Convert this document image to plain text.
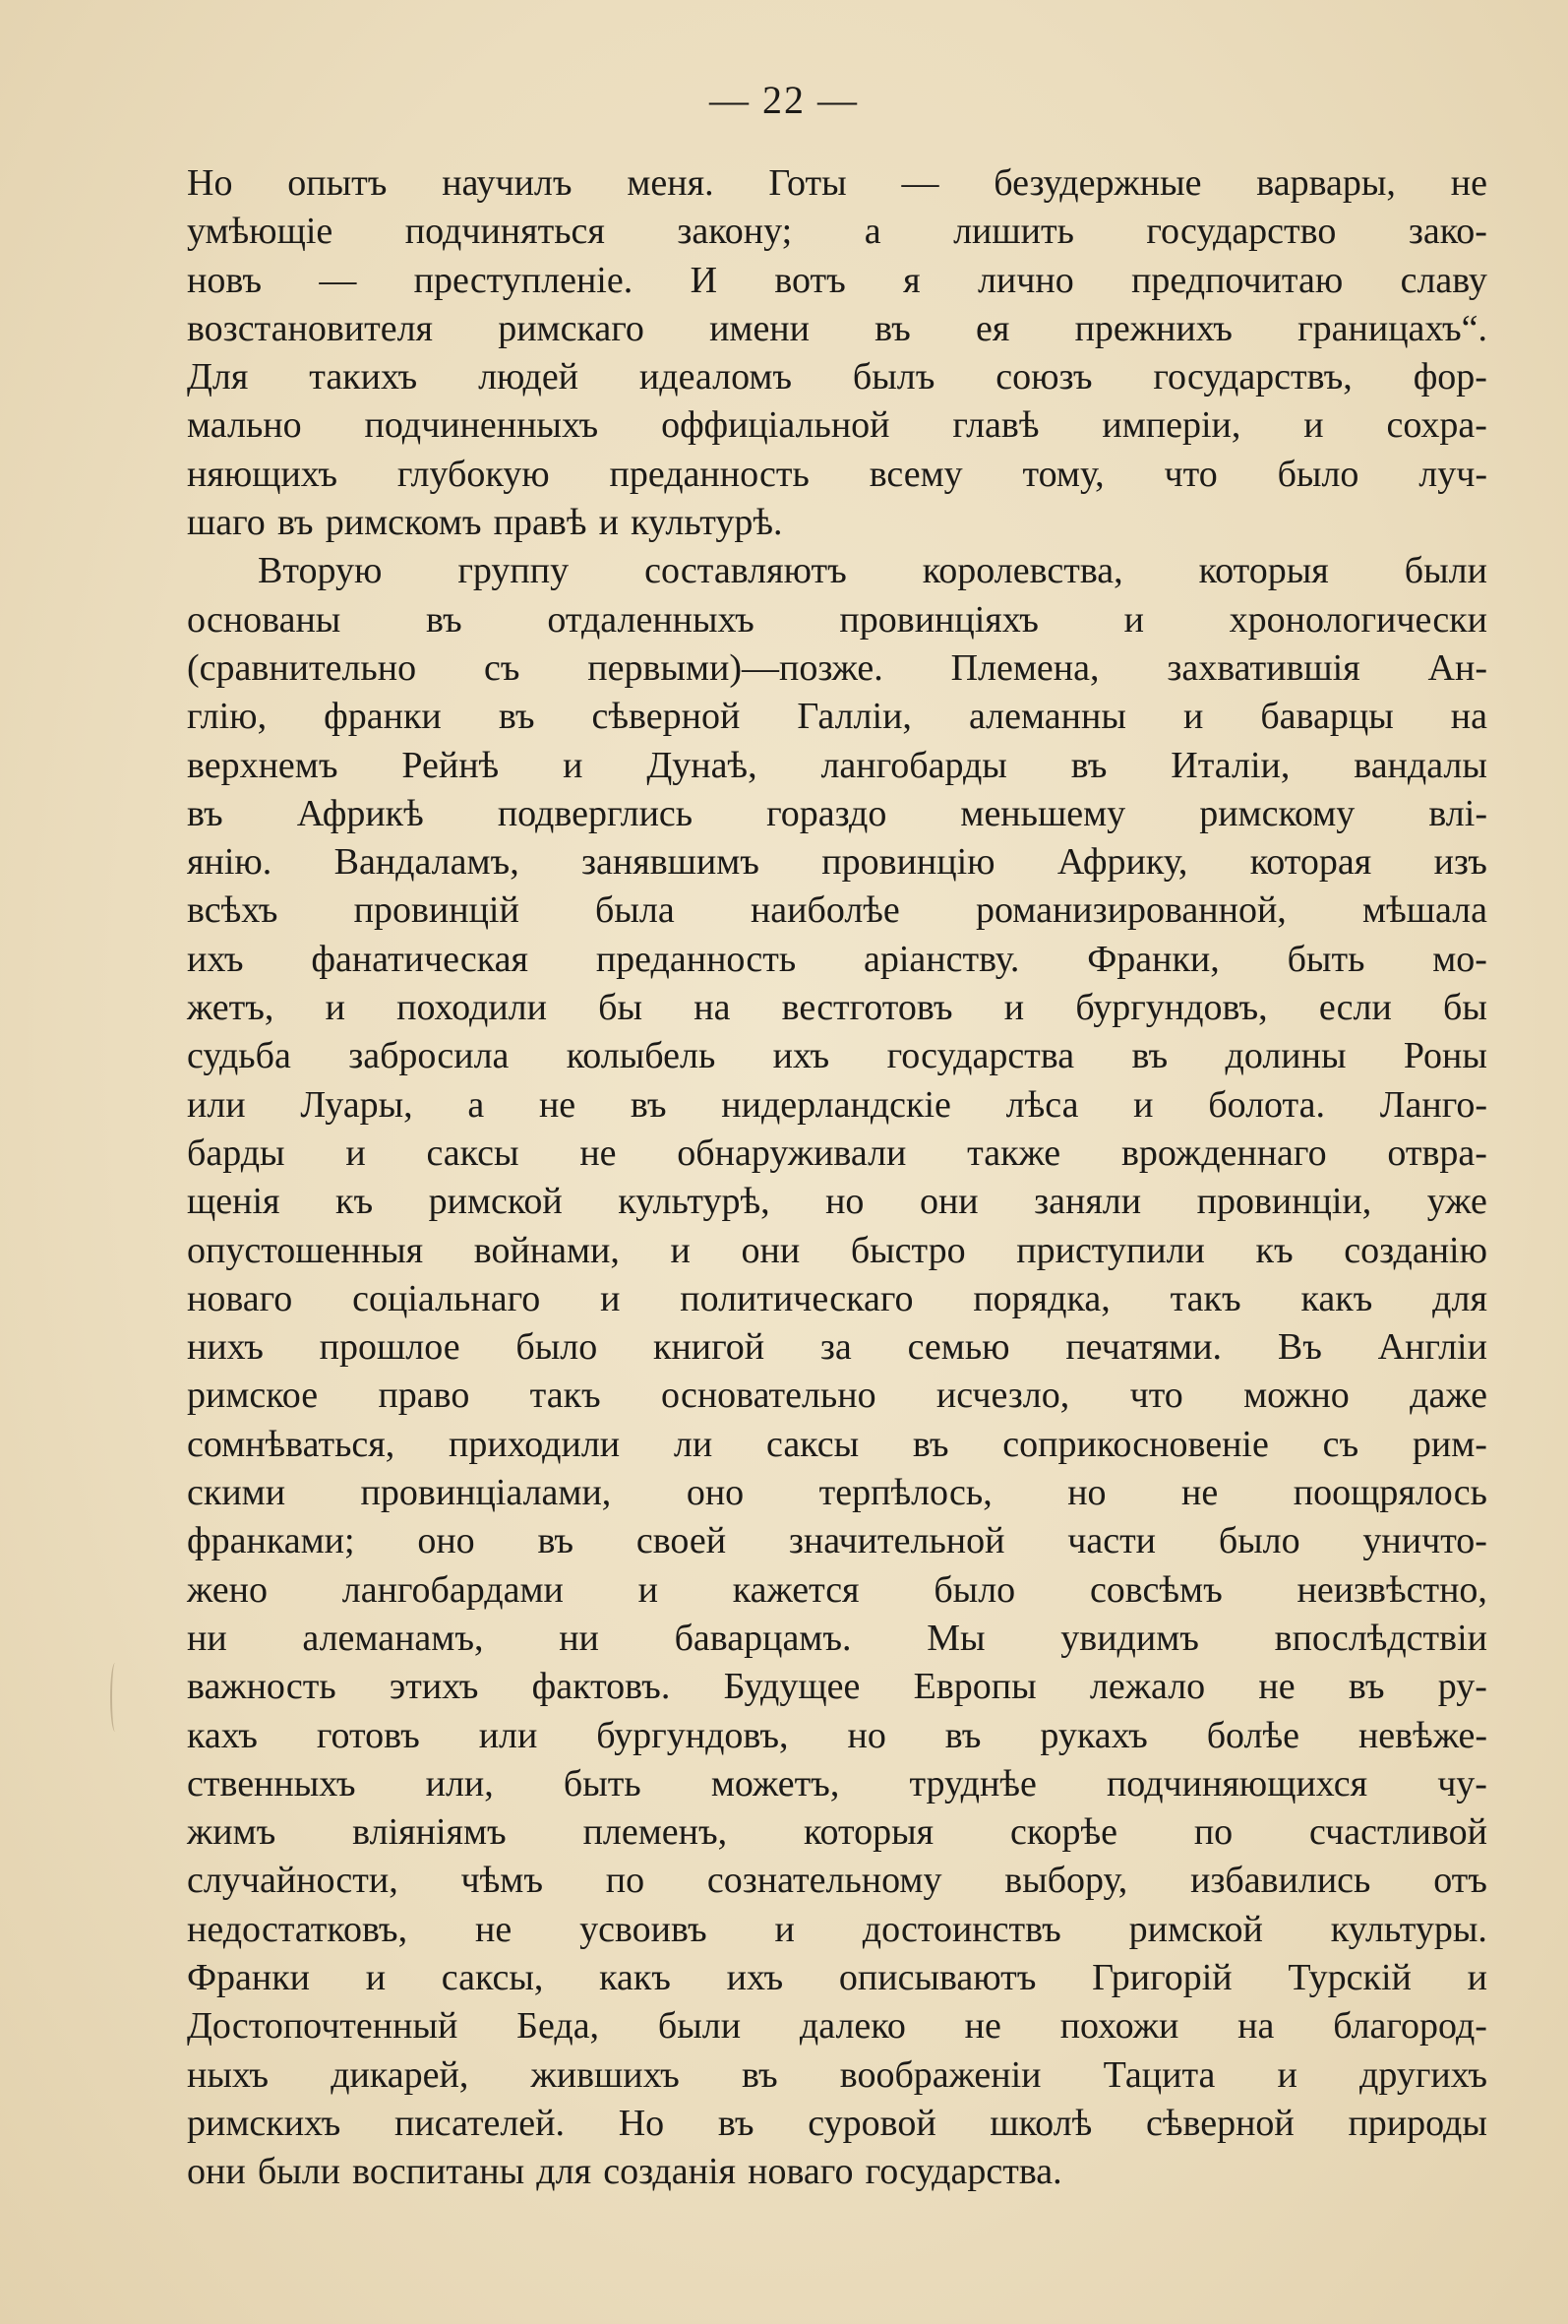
— 22 —
Но опытъ научилъ меня. Готы — безудержные варвары, не
умѣющіе подчиняться закону; а лишить государство зако-
новъ — преступленіе. И вотъ я лично предпочитаю славу
возстановителя римскаго имени въ ея прежнихъ границахъ“.
Для такихъ людей идеаломъ былъ союзъ государствъ, фор-
мально подчиненныхъ оффиціальной главѣ имперіи, и сохра-
няющихъ глубокую преданность всему тому, что было луч-
шаго въ римскомъ правѣ и культурѣ.
Вторую группу составляютъ королевства, которыя были
основаны въ отдаленныхъ провинціяхъ и хронологически
(сравнительно съ первыми)—позже. Племена, захватившія Ан-
глію, франки въ сѣверной Галліи, алеманны и баварцы на
верхнемъ Рейнѣ и Дунаѣ, лангобарды въ Италіи, вандалы
въ Африкѣ подверглись гораздо меньшему римскому влі-
янію. Вандаламъ, занявшимъ провинцію Африку, которая изъ
всѣхъ провинцій была наиболѣе романизированной, мѣшала
ихъ фанатическая преданность аріанству. Франки, быть мо-
жетъ, и походили бы на вестготовъ и бургундовъ, если бы
судьба забросила колыбель ихъ государства въ долины Роны
или Луары, а не въ нидерландскіе лѣса и болота. Ланго-
барды и саксы не обнаруживали также врожденнаго отвра-
щенія къ римской культурѣ, но они заняли провинціи, уже
опустошенныя войнами, и они быстро приступили къ созданію
новаго соціальнаго и политическаго порядка, такъ какъ для
нихъ прошлое было книгой за семью печатями. Въ Англіи
римское право такъ основательно исчезло, что можно даже
сомнѣваться, приходили ли саксы въ соприкосновеніе съ рим-
скими провинціалами, оно терпѣлось, но не поощрялось
франками; оно въ своей значительной части было уничто-
жено лангобардами и кажется было совсѣмъ неизвѣстно,
ни алеманамъ, ни баварцамъ. Мы увидимъ впослѣдствіи
важность этихъ фактовъ. Будущее Европы лежало не въ ру-
кахъ готовъ или бургундовъ, но въ рукахъ болѣе невѣже-
ственныхъ или, быть можетъ, труднѣе подчиняющихся чу-
жимъ вліяніямъ племенъ, которыя скорѣе по счастливой
случайности, чѣмъ по сознательному выбору, избавились отъ
недостатковъ, не усвоивъ и достоинствъ римской культуры.
Франки и саксы, какъ ихъ описываютъ Григорій Турскій и
Достопочтенный Беда, были далеко не похожи на благород-
ныхъ дикарей, жившихъ въ воображеніи Тацита и другихъ
римскихъ писателей. Но въ суровой школѣ сѣверной природы
они были воспитаны для созданія новаго государства.
